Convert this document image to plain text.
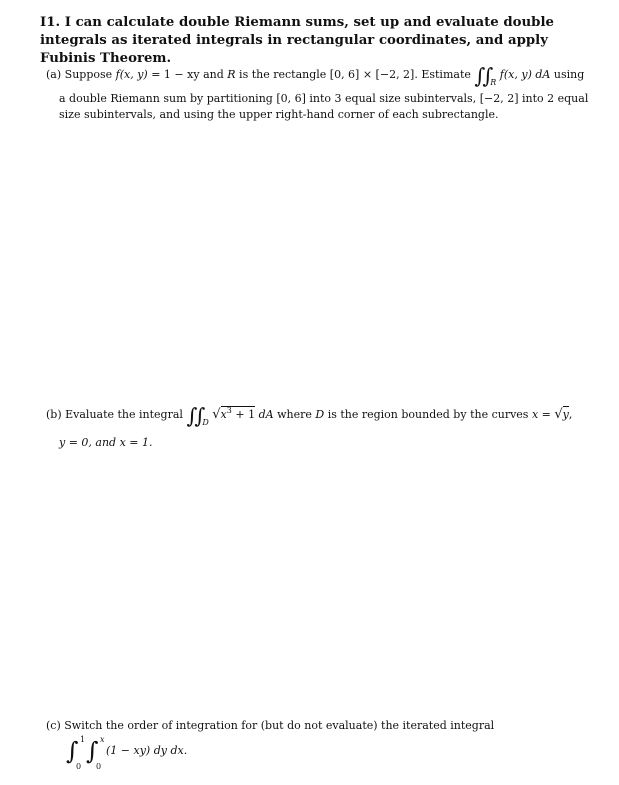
I1. I can calculate double Riemann sums, set up and evaluate double integrals as iterated integrals in rectangular coordinates, and apply Fubinis Theorem.
(a) Suppose f(x, y) = 1 − xy and R is the rectangle [0, 6] × [−2, 2]. Estimate $\int\int_R$ f(x, y) dA using
a double Riemann sum by partitioning [0, 6] into 3 equal size subintervals, [−2, 2] into 2 equal
size subintervals, and using the upper right-hand corner of each subrectangle.
(b) Evaluate the integral $\int\int_D$ $√x^3 + 1$ dA where D is the region bounded by the curves x = √y,
y = 0, and x = 1.
(c) Switch the order of integration for (but do not evaluate) the iterated integral
∫ 1
0
∫ x
0
(1 − xy) dy dx.
